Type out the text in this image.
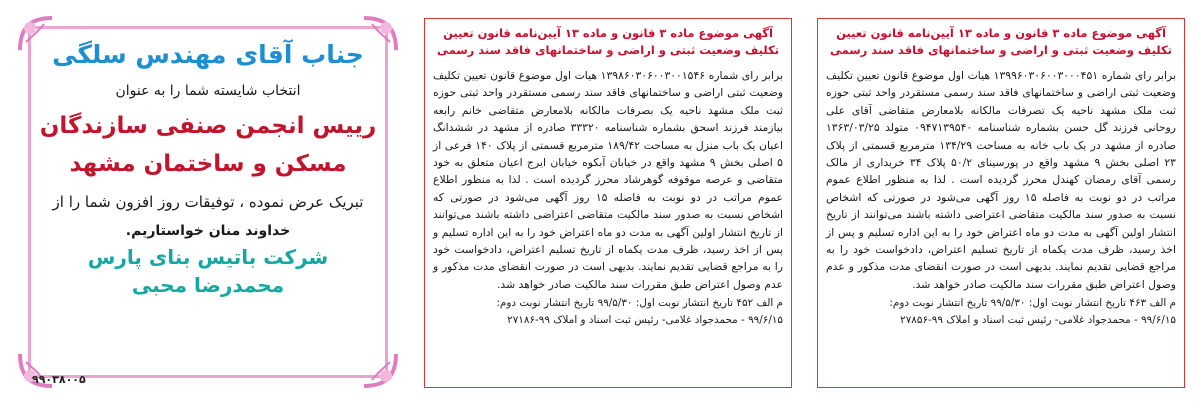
جناب آقای مهندس سلگی
انتخاب شایسته شما را به عنوان
رییس انجمن صنفی سازندگان
مسکن و ساختمان مشهد
تبریک عرض نموده ، توفیقات روز افزون شما را از
خداوند منان خواستاریم.
شرکت باتیس بنای پارس
محمدرضا محبی
۹۹۰۳۸۰۰۵
آگهی موضوع ماده ۳ قانون و ماده ۱۳ آیین‌نامه قانون تعیین تکلیف وضعیت ثبتی و اراضی و ساختمانهای فاقد سند رسمی
برابر رای شماره ۱۳۹۸۶۰۳۰۶۰۰۳۰۰۱۵۴۶ هیات اول موضوع قانون تعیین تکلیف وضعیت ثبتی اراضی و ساختمانهای فاقد سند رسمی مستقردر واحد ثبتی حوزه ثبت ملک مشهد ناحیه یک بصرفات مالکانه بلامعارض متقاضی خانم رابعه بیازمند فرزند اسحق بشماره شناسنامه ۳۳۳۲۰ صادره از مشهد در ششدانگ اعیان یک باب منزل به مساحت ۱۸۹/۴۲ مترمربع قسمتی از پلاک ۱۴۰ فرعی از ۵ اصلی بخش ۹ مشهد واقع در خیابان آبکوه خیابان ایرج اعیان متعلق به خود متقاضی و عرصه موقوفه گوهرشاد محرز گردیده است . لذا به منظور اطلاع عموم مراتب در دو نوبت به فاصله ۱۵ روز آگهی می‌شود در صورتی که اشخاص نسبت به صدور سند مالکیت متقاضی اعتراضی داشته باشند می‌توانند از تاریخ انتشار اولین آگهی به مدت دو ماه اعتراض خود را به این اداره تسلیم و پس از اخذ رسید، ظرف مدت یکماه از تاریخ تسلیم اعتراض، دادخواست خود را به مراجع قضایی تقدیم نمایند. بدیهی است در صورت انقضای مدت مذکور و عدم وصول اعتراض طبق مقررات سند مالکیت صادر خواهد شد.
م الف ۴۵۲ تاریخ انتشار نوبت اول: ۹۹/۵/۳۰ تاریخ انتشار نوبت دوم:
۹۹/۶/۱۵ - محمدجواد غلامی- رئیس ثبت اسناد و املاک ۹۹-۲۷۱۸۶
آگهی موضوع ماده ۳ قانون و ماده ۱۳ آیین‌نامه قانون تعیین تکلیف وضعیت ثبتی و اراضی و ساختمانهای فاقد سند رسمی
برابر رای شماره ۱۳۹۹۶۰۳۰۶۰۰۳۰۰۰۴۵۱ هیات اول موضوع قانون تعیین تکلیف وضعیت ثبتی اراضی و ساختمانهای فاقد سند رسمی مستقردر واحد ثبتی حوزه ثبت ملک مشهد ناحیه یک تصرفات مالکانه بلامعارض متقاضی آقای علی روحانی فرزند گل حسن بشماره شناسنامه ۰۹۴۷۱۳۹۵۴۰ متولد ۱۳۶۳/۰۳/۲۵ صادره از مشهد در یک باب خانه به مساحت ۱۳۴/۲۹ مترمربع قسمتی از پلاک ۲۳ اصلی بخش ۹ مشهد واقع در پورسینای ۵۰/۲ پلاک ۳۴ خریداری از مالک رسمی آقای رمضان کهندل محرز گردیده است . لذا به منظور اطلاع عموم مراتب در دو نوبت به فاصله ۱۵ روز آگهی می‌شود در صورتی که اشخاص نسبت به صدور سند مالکیت متقاضی اعتراضی داشته باشند می‌توانند از تاریخ انتشار اولین آگهی به مدت دو ماه اعتراض خود را به این اداره تسلیم و پس از اخذ رسید، ظرف مدت یکماه از تاریخ تسلیم اعتراض، دادخواست خود را به مراجع قضایی تقدیم نمایند. بدیهی است در صورت انقضای مدت مذکور و عدم وصول اعتراض طبق مقررات سند مالکیت صادر خواهد شد.
م الف ۴۶۳ تاریخ انتشار نوبت اول: ۹۹/۵/۳۰ تاریخ انتشار نوبت دوم:
۹۹/۶/۱۵ - محمدجواد غلامی- رئیس ثبت اسناد و املاک ۹۹-۲۷۸۵۶
